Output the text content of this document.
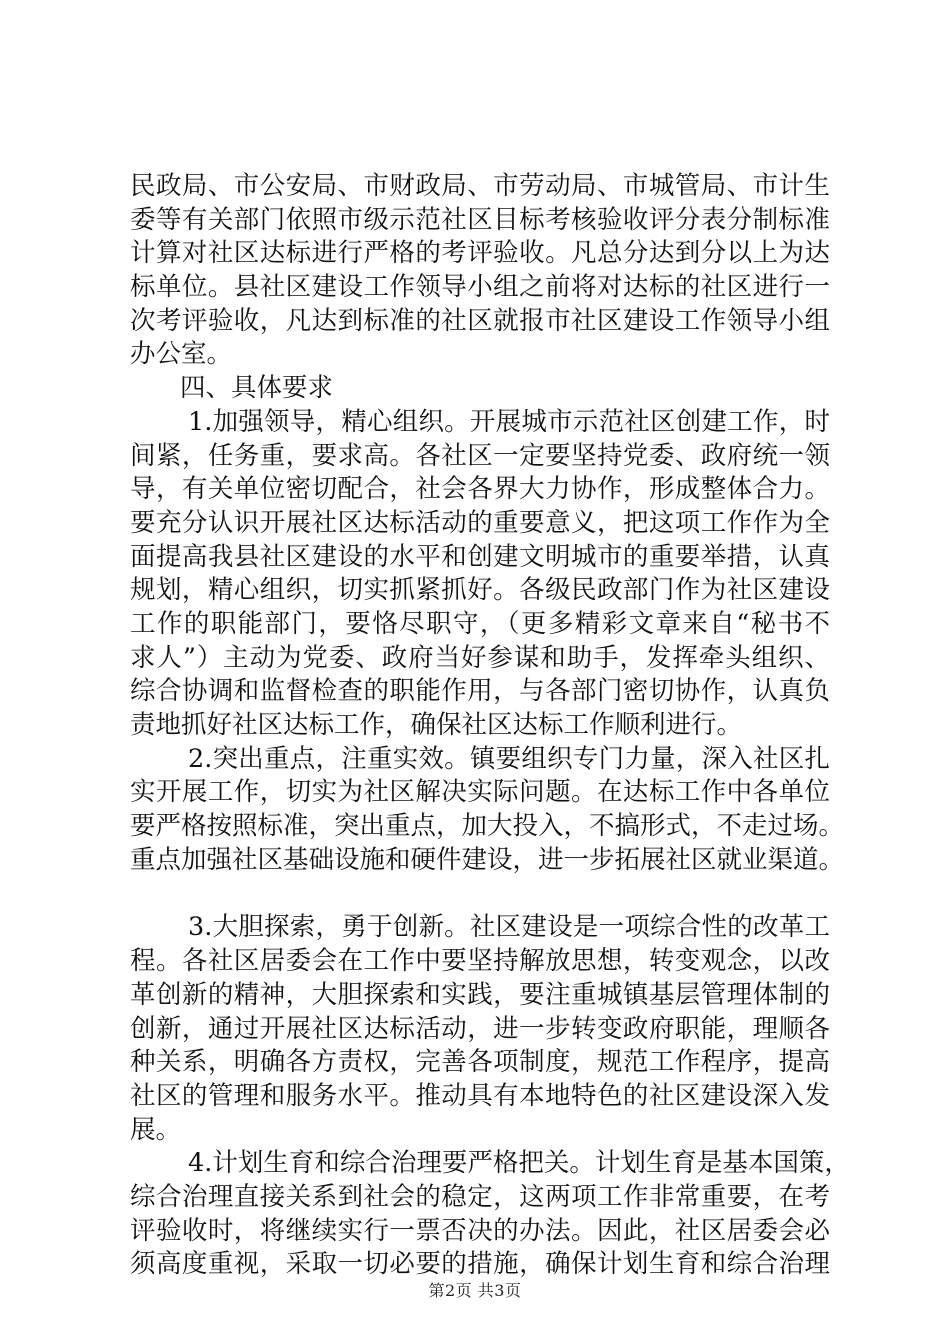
民政局、市公安局、市财政局、市劳动局、市城管局、市计生
委等有关部门依照市级示范社区目标考核验收评分表分制标准
计算对社区达标进行严格的考评验收。凡总分达到分以上为达
标单位。县社区建设工作领导小组之前将对达标的社区进行一
次考评验收，凡达到标准的社区就报市社区建设工作领导小组
办公室。
四、具体要求
1.加强领导，精心组织。开展城市示范社区创建工作，时
间紧，任务重，要求高。各社区一定要坚持党委、政府统一领
导，有关单位密切配合，社会各界大力协作，形成整体合力。
要充分认识开展社区达标活动的重要意义，把这项工作作为全
面提高我县社区建设的水平和创建文明城市的重要举措，认真
规划，精心组织，切实抓紧抓好。各级民政部门作为社区建设
工作的职能部门，要恪尽职守，（更多精彩文章来自“秘书不
求人”）主动为党委、政府当好参谋和助手，发挥牵头组织、
综合协调和监督检查的职能作用，与各部门密切协作，认真负
责地抓好社区达标工作，确保社区达标工作顺利进行。
2.突出重点，注重实效。镇要组织专门力量，深入社区扎
实开展工作，切实为社区解决实际问题。在达标工作中各单位
要严格按照标准，突出重点，加大投入，不搞形式，不走过场。
重点加强社区基础设施和硬件建设，进一步拓展社区就业渠道。
3.大胆探索，勇于创新。社区建设是一项综合性的改革工
程。各社区居委会在工作中要坚持解放思想，转变观念，以改
革创新的精神，大胆探索和实践，要注重城镇基层管理体制的
创新，通过开展社区达标活动，进一步转变政府职能，理顺各
种关系，明确各方责权，完善各项制度，规范工作程序，提高
社区的管理和服务水平。推动具有本地特色的社区建设深入发
展。
4.计划生育和综合治理要严格把关。计划生育是基本国策，
综合治理直接关系到社会的稳定，这两项工作非常重要，在考
评验收时，将继续实行一票否决的办法。因此，社区居委会必
须高度重视，采取一切必要的措施，确保计划生育和综合治理
第2页 共3页
